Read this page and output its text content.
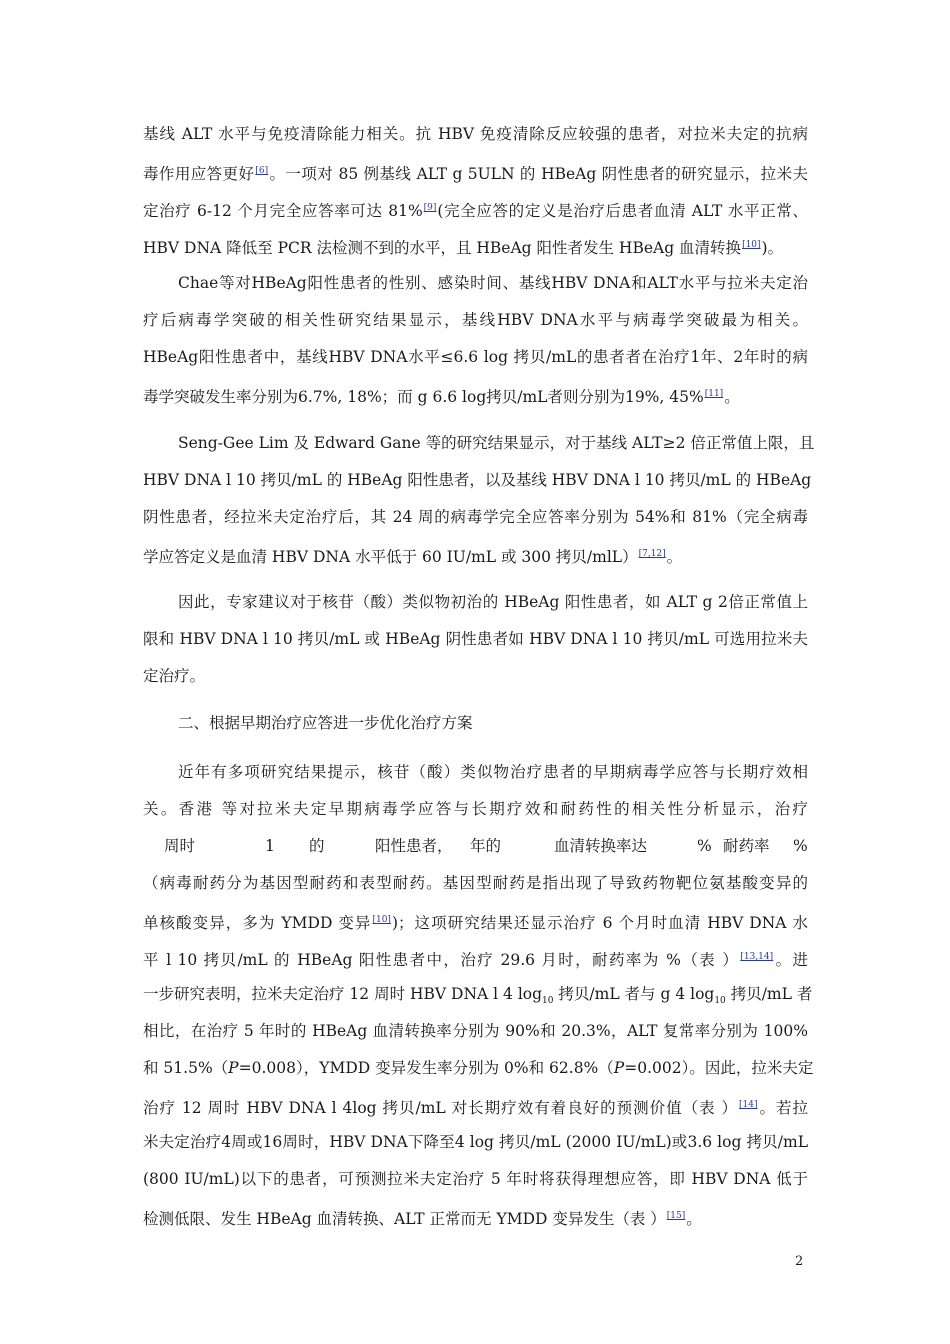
基线 ALT 水平与免疫清除能力相关。抗 HBV 免疫清除反应较强的患者，对拉米夫定的抗病
毒作用应答更好[6]。一项对 85 例基线 ALT g 5ULN 的 HBeAg 阴性患者的研究显示，拉米夫
定治疗 6-12 个月完全应答率可达 81%[9](完全应答的定义是治疗后患者血清 ALT 水平正常、
HBV DNA 降低至 PCR 法检测不到的水平，且 HBeAg 阳性者发生 HBeAg 血清转换[10])。
Chae等对HBeAg阳性患者的性别、感染时间、基线HBV DNA和ALT水平与拉米夫定治
疗后病毒学突破的相关性研究结果显示，基线HBV DNA水平与病毒学突破最为相关。
HBeAg阳性患者中，基线HBV DNA水平≤6.6 log 拷贝/mL的患者者在治疗1年、2年时的病
毒学突破发生率分别为6.7%, 18%；而 g 6.6 log拷贝/mL者则分别为19%, 45%[11]。
Seng-Gee Lim 及 Edward Gane 等的研究结果显示，对于基线 ALT≥2 倍正常值上限，且
HBV DNA l 10 拷贝/mL 的 HBeAg 阳性患者，以及基线 HBV DNA l 10 拷贝/mL 的 HBeAg
阴性患者，经拉米夫定治疗后，其 24 周的病毒学完全应答率分别为 54%和 81%（完全病毒
学应答定义是血清 HBV DNA 水平低于 60 IU/mL 或 300 拷贝/mlL）[7,12]。
因此，专家建议对于核苷（酸）类似物初治的 HBeAg 阳性患者，如 ALT g 2倍正常值上
限和 HBV DNA l 10 拷贝/mL 或 HBeAg 阴性患者如 HBV DNA l 10 拷贝/mL 可选用拉米夫
定治疗。
二、根据早期治疗应答进一步优化治疗方案
近年有多项研究结果提示，核苷（酸）类似物治疗患者的早期病毒学应答与长期疗效相
关。香港 等对拉米夫定早期病毒学应答与长期疗效和耐药性的相关性分析显示，治疗
周时	1 的	阳性患者， 年的	血清转换率达	% 耐药率 %
（病毒耐药分为基因型耐药和表型耐药。基因型耐药是指出现了导致药物靶位氨基酸变异的
单核酸变异，多为 YMDD 变异[10])；这项研究结果还显示治疗 6 个月时血清 HBV DNA 水
平 l 10 拷贝/mL 的 HBeAg 阳性患者中，治疗 29.6 月时，耐药率为 %（表 ）[13,14]。进
一步研究表明，拉米夫定治疗 12 周时 HBV DNA l 4 $\log_{10}$ 拷贝/mL 者与 g 4 $\log_{10}$ 拷贝/mL 者
相比，在治疗 5 年时的 HBeAg 血清转换率分别为 90%和 20.3%，ALT 复常率分别为 100%
和 51.5%（P=0.008），YMDD 变异发生率分别为 0%和 62.8%（P=0.002）。因此，拉米夫定
治疗 12 周时 HBV DNA l 4log 拷贝/mL 对长期疗效有着良好的预测价值（表 ）[14]。若拉
米夫定治疗4周或16周时，HBV DNA下降至4 log 拷贝/mL (2000 IU/mL)或3.6 log 拷贝/mL
(800 IU/mL)以下的患者，可预测拉米夫定治疗 5 年时将获得理想应答，即 HBV DNA 低于
检测低限、发生 HBeAg 血清转换、ALT 正常而无 YMDD 变异发生（表 ）[15]。
2
